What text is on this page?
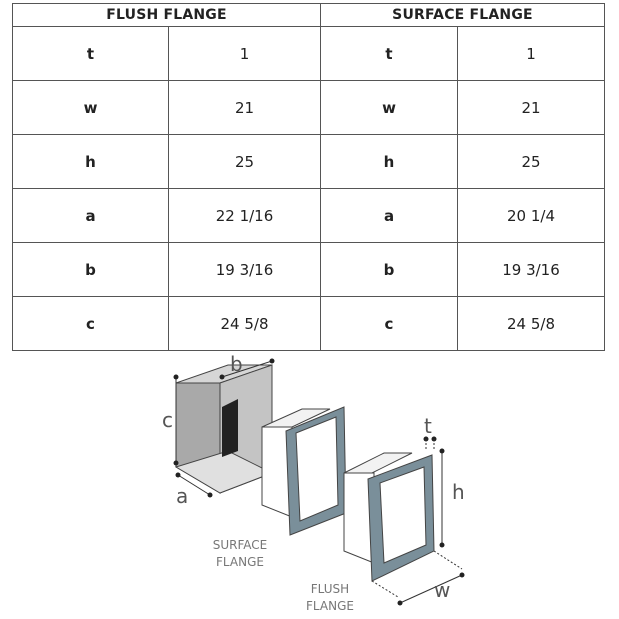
FLUSH FLANGE		SURFACE FLANGE	
t	1	t	1
w	21	w	21
h	25	h	25
a	22 1/16	a	20 1/4
b	19 3/16	b	19 3/16
c	24 5/8	c	24 5/8
c
b
a
SURFACE
FLANGE
FLUSH
FLANGE
t
h
w
